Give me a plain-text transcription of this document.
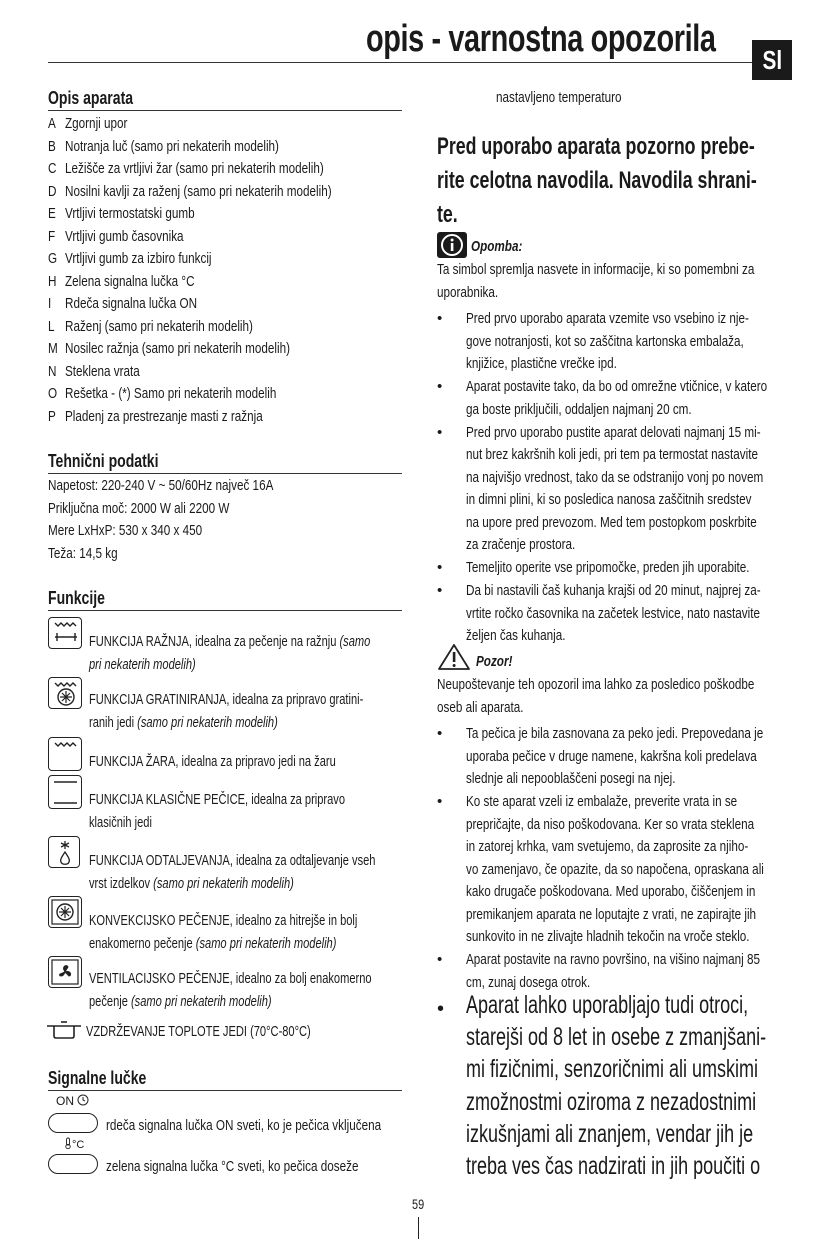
opis - varnostna opozorila	Sl
Opis aparata
A Zgornji upor
B Notranja luč (samo pri nekaterih modelih)
C Ležišče za vrtljivi žar (samo pri nekaterih modelih)
D Nosilni kavlji za raženj (samo pri nekaterih modelih)
E Vrtljivi termostatski gumb
F Vrtljivi gumb časovnika
G Vrtljivi gumb za izbiro funkcij
H Zelena signalna lučka °C
I Rdeča signalna lučka ON
L Raženj (samo pri nekaterih modelih)
M Nosilec ražnja (samo pri nekaterih modelih)
N Steklena vrata
O Rešetka - (*) Samo pri nekaterih modelih
P Pladenj za prestrezanje masti z ražnja
Tehnični podatki
Napetost: 220-240 V ~ 50/60Hz največ 16A
Priključna moč: 2000 W ali 2200 W
Mere LxHxP: 530 x 340 x 450
Teža: 14,5 kg
Funkcije
FUNKCIJA RAŽNJA, idealna za pečenje na ražnju (samo
pri nekaterih modelih)
FUNKCIJA GRATINIRANJA, idealna za pripravo gratini-
ranih jedi (samo pri nekaterih modelih)
FUNKCIJA ŽARA, idealna za pripravo jedi na žaru
FUNKCIJA KLASIČNE PEČICE, idealna za pripravo
klasičnih jedi
FUNKCIJA ODTALJEVANJA, idealna za odtaljevanje vseh
vrst izdelkov (samo pri nekaterih modelih)
KONVEKCIJSKO PEČENJE, idealno za hitrejše in bolj
enakomerno pečenje (samo pri nekaterih modelih)
VENTILACIJSKO PEČENJE, idealno za bolj enakomerno
pečenje (samo pri nekaterih modelih)
VZDRŽEVANJE TOPLOTE JEDI (70°C-80°C)
Signalne lučke
ON
rdeča signalna lučka ON sveti, ko je pečica vključena
°C
zelena signalna lučka °C sveti, ko pečica doseže
nastavljeno temperaturo
Pred uporabo aparata pozorno prebe-
rite celotna navodila. Navodila shrani-
te.
Opomba:
Ta simbol spremlja nasvete in informacije, ki so pomembni za
uporabnika.
• Pred prvo uporabo aparata vzemite vso vsebino iz nje-
gove notranjosti, kot so zaščitna kartonska embalaža,
knjižice, plastične vrečke ipd.
• Aparat postavite tako, da bo od omrežne vtičnice, v katero
ga boste priključili, oddaljen najmanj 20 cm.
• Pred prvo uporabo pustite aparat delovati najmanj 15 mi-
nut brez kakršnih koli jedi, pri tem pa termostat nastavite
na najvišjo vrednost, tako da se odstranijo vonj po novem
in dimni plini, ki so posledica nanosa zaščitnih sredstev
na upore pred prevozom. Med tem postopkom poskrbite
za zračenje prostora.
• Temeljito operite vse pripomočke, preden jih uporabite.
• Da bi nastavili čaš kuhanja krajši od 20 minut, najprej za-
vrtite ročko časovnika na začetek lestvice, nato nastavite
željen čas kuhanja.
Pozor!
Neupoštevanje teh opozoril ima lahko za posledico poškodbe
oseb ali aparata.
• Ta pečica je bila zasnovana za peko jedi. Prepovedana je
uporaba pečice v druge namene, kakršna koli predelava
slednje ali nepooblaščeni posegi na njej.
• Ko ste aparat vzeli iz embalaže, preverite vrata in se
prepričajte, da niso poškodovana. Ker so vrata steklena
in zatorej krhka, vam svetujemo, da zaprosite za njiho-
vo zamenjavo, če opazite, da so napočena, opraskana ali
kako drugače poškodovana. Med uporabo, čiščenjem in
premikanjem aparata ne loputajte z vrati, ne zapirajte jih
sunkovito in ne zlivajte hladnih tekočin na vroče steklo.
• Aparat postavite na ravno površino, na višino najmanj 85
cm, zunaj dosega otrok.
• Aparat lahko uporabljajo tudi otroci,
starejši od 8 let in osebe z zmanjšani-
mi fizičnimi, senzoričnimi ali umskimi
zmožnostmi oziroma z nezadostnimi
izkušnjami ali znanjem, vendar jih je
treba ves čas nadzirati in jih poučiti o
59
